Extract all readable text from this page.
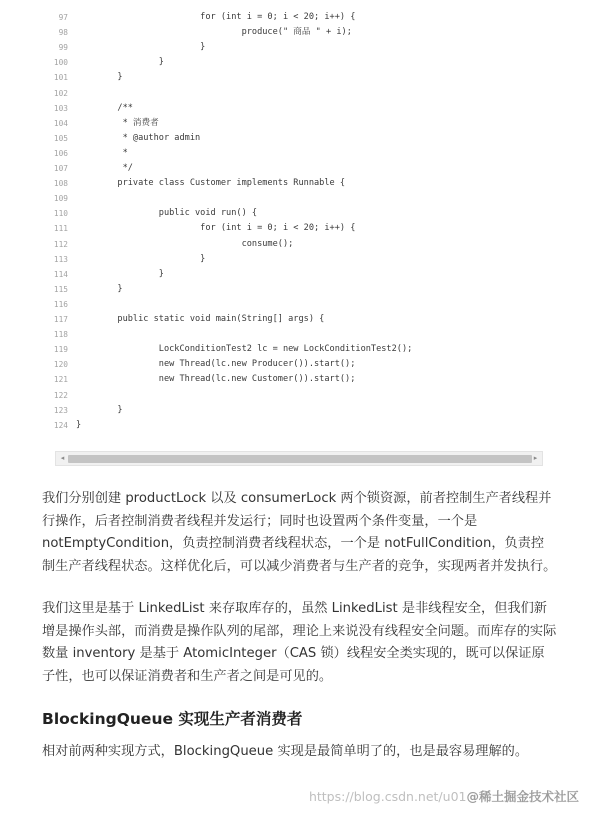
97 for (int i = 0; i < 20; i++) {
98 produce(" 商品 " + i);
99 }
100 }
101 }
102
103 /**
104 * 消费者
105 * @author admin
106 *
107 */
108 private class Customer implements Runnable {
109
110 public void run() {
111 for (int i = 0; i < 20; i++) {
112 consume();
113 }
114 }
115 }
116
117 public static void main(String[] args) {
118
119 LockConditionTest2 lc = new LockConditionTest2();
120 new Thread(lc.new Producer()).start();
121 new Thread(lc.new Customer()).start();
122
123 }
124 }
◂	▸

我们分别创建 productLock 以及 consumerLock 两个锁资源，前者控制生产者线程并行操作，后者控制消费者线程并发运行；同时也设置两个条件变量，一个是 notEmptyCondition，负责控制消费者线程状态，一个是 notFullCondition，负责控制生产者线程状态。这样优化后，可以减少消费者与生产者的竞争，实现两者并发执行。

我们这里是基于 LinkedList 来存取库存的，虽然 LinkedList 是非线程安全，但我们新增是操作头部，而消费是操作队列的尾部，理论上来说没有线程安全问题。而库存的实际数量 inventory 是基于 AtomicInteger（CAS 锁）线程安全类实现的，既可以保证原子性，也可以保证消费者和生产者之间是可见的。

BlockingQueue 实现生产者消费者

相对前两种实现方式，BlockingQueue 实现是最简单明了的，也是最容易理解的。

https://blog.csdn.net/u01@稀土掘金技术社区
